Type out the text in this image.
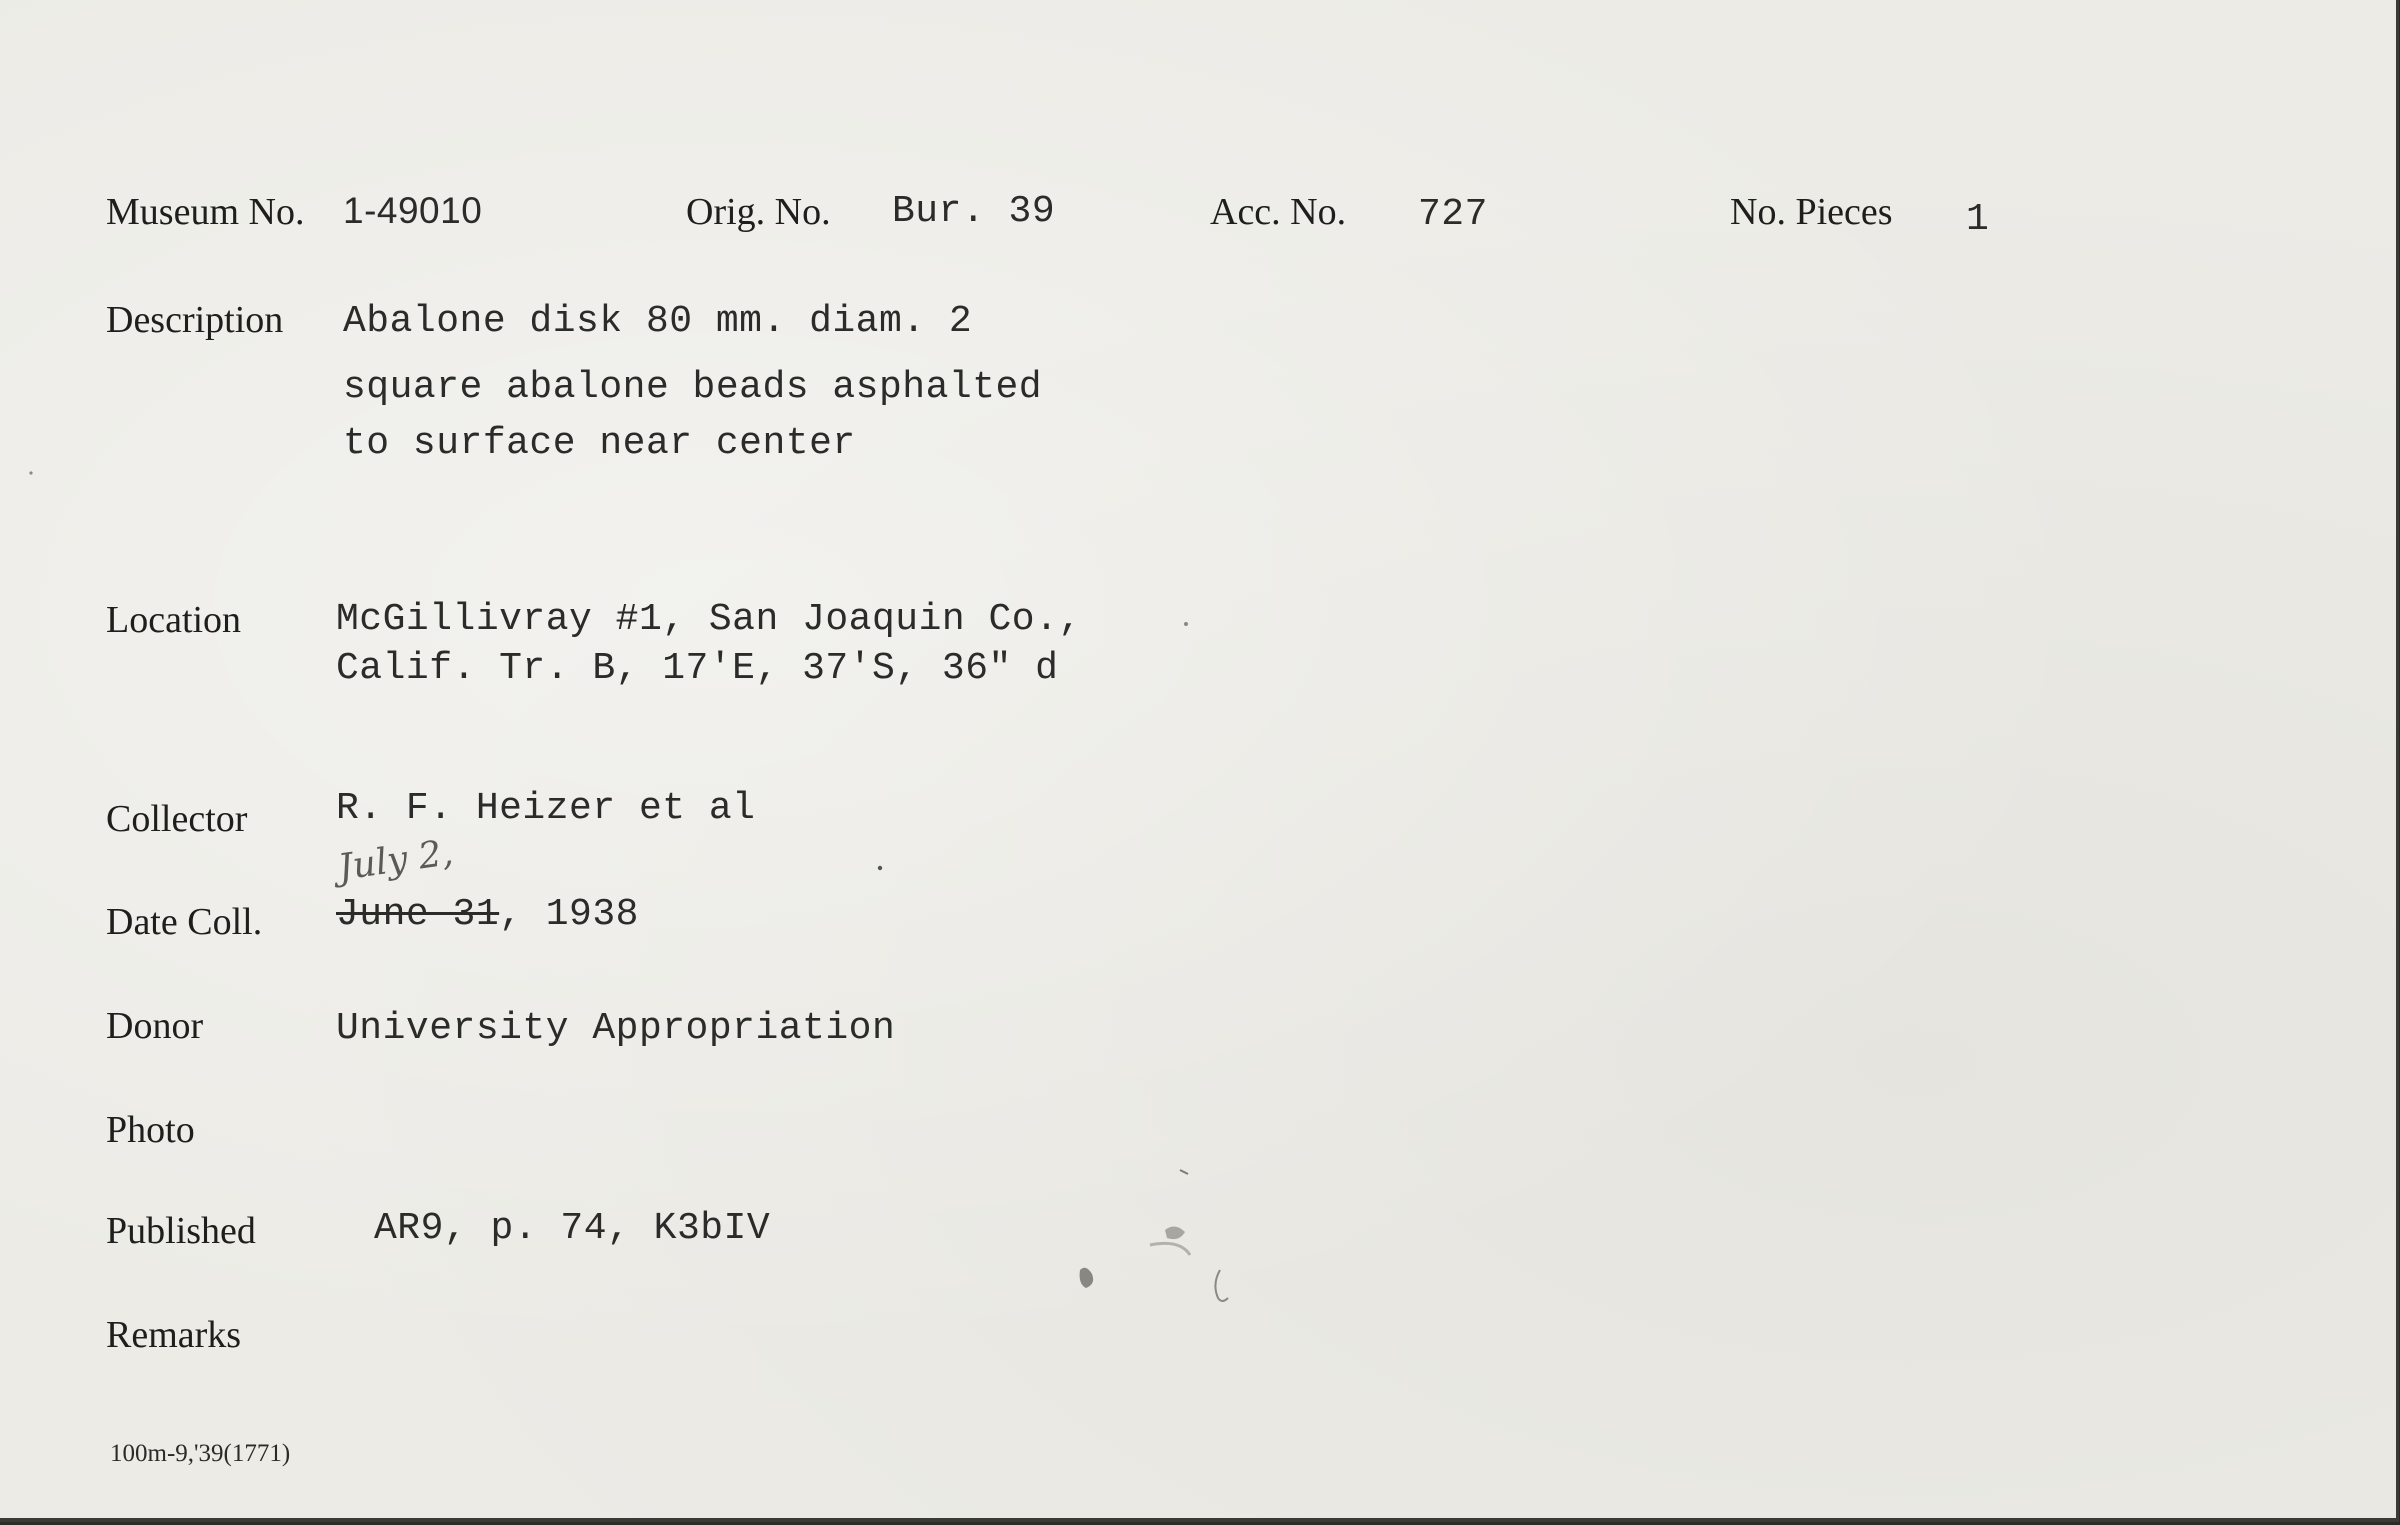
Museum No. 1-49010	Orig. No. Bur. 39	Acc. No. 727	No. Pieces 1
Description Abalone disk 80 mm. diam. 2
square abalone beads asphalted
to surface near center
Location McGillivray #1, San Joaquin Co.,
Calif. Tr. B, 17'E, 37'S, 36" d
Collector R. F. Heizer et al
July 2,
Date Coll. June 31, 1938
Donor	University Appropriation
Photo
Published	AR9, p. 74, K3bIV
Remarks
100m-9,'39(1771)
